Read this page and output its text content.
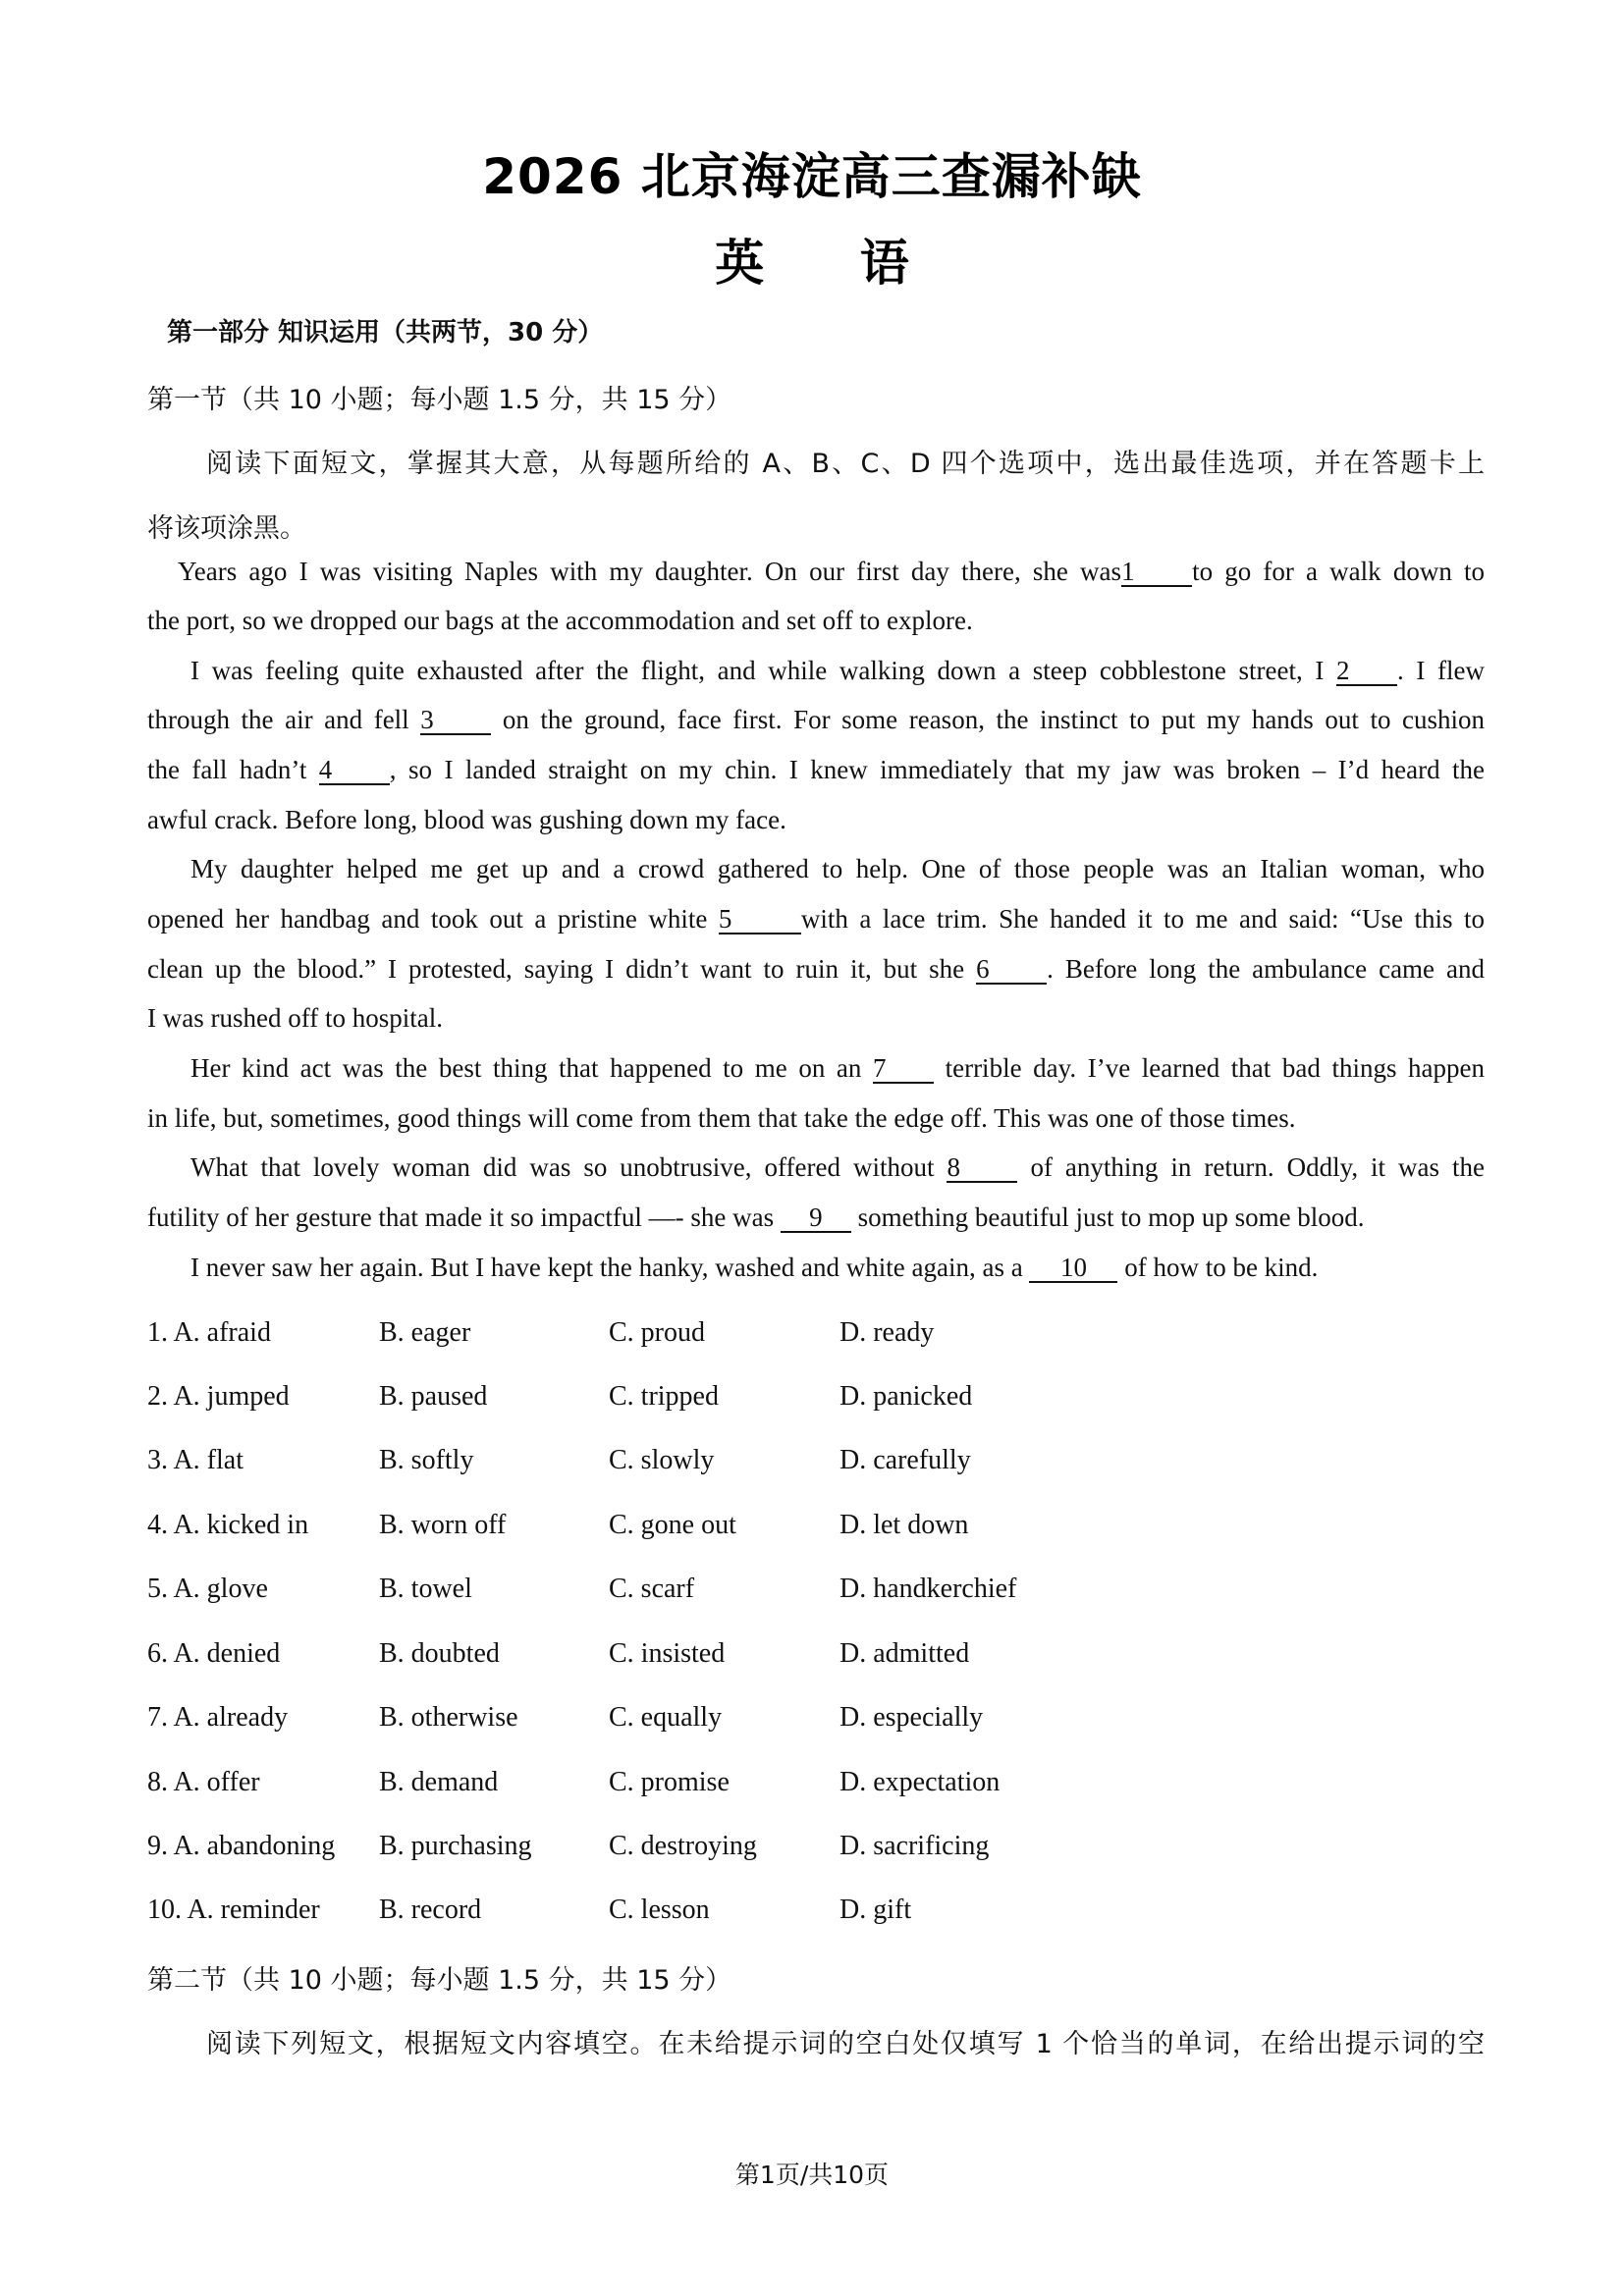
2026 北京海淀高三查漏补缺
英 语
第一部分 知识运用（共两节，30 分）
第一节（共 10 小题；每小题 1.5 分，共 15 分）
阅读下面短文，掌握其大意，从每题所给的 A、B、C、D 四个选项中，选出最佳选项，并在答题卡上
将该项涂黑。
Years ago I was visiting Naples with my daughter. On our first day there, she was1 to go for a walk down to
the port, so we dropped our bags at the accommodation and set off to explore.
I was feeling quite exhausted after the flight, and while walking down a steep cobblestone street, I 2 . I flew
through the air and fell 3	on the ground, face first. For some reason, the instinct to put my hands out to cushion
the fall hadn’t 4 , so I landed straight on my chin. I knew immediately that my jaw was broken – I’d heard the
awful crack. Before long, blood was gushing down my face.
My daughter helped me get up and a crowd gathered to help. One of those people was an Italian woman, who
opened her handbag and took out a pristine white 5	with a lace trim. She handed it to me and said: “Use this to
clean up the blood.” I protested, saying I didn’t want to ruin it, but she 6 . Before long the ambulance came and
I was rushed off to hospital.
Her kind act was the best thing that happened to me on an 7 terrible day. I’ve learned that bad things happen
in life, but, sometimes, good things will come from them that take the edge off. This was one of those times.
What that lovely woman did was so unobtrusive, offered without 8	of anything in return. Oddly, it was the
futility of her gesture that made it so impactful —- she was 9 something beautiful just to mop up some blood.
I never saw her again. But I have kept the hanky, washed and white again, as a 10 of how to be kind.
1. A. afraid	B. eager	C. proud	D. ready
2. A. jumped	B. paused	C. tripped	D. panicked
3. A. flat	B. softly	C. slowly	D. carefully
4. A. kicked in	B. worn off	C. gone out	D. let down
5. A. glove	B. towel	C. scarf	D. handkerchief
6. A. denied	B. doubted	C. insisted	D. admitted
7. A. already	B. otherwise	C. equally	D. especially
8. A. offer	B. demand	C. promise	D. expectation
9. A. abandoning B. purchasing	C. destroying	D. sacrificing
10. A. reminder B. record	C. lesson	D. gift
第二节（共 10 小题；每小题 1.5 分，共 15 分）
阅读下列短文，根据短文内容填空。在未给提示词的空白处仅填写 1 个恰当的单词，在给出提示词的空
第1页/共10页
